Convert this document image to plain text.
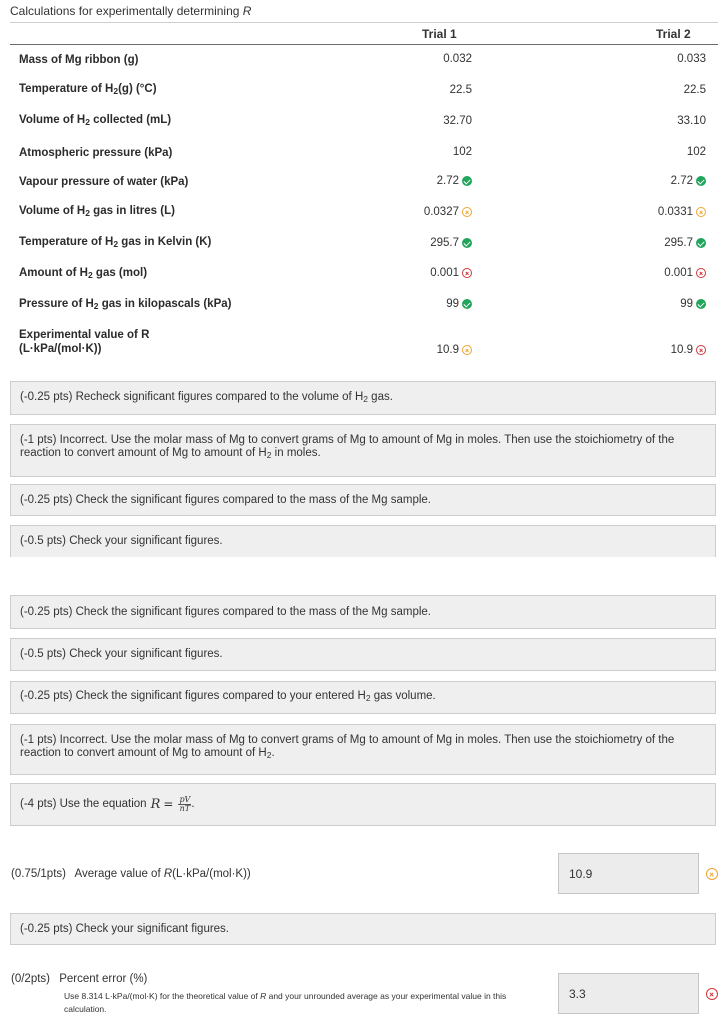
Calculations for experimentally determining R
Trial 1	Trial 2
Mass of Mg ribbon (g)	0.032	0.033
Temperature of $H_2(g)$ (°C)	22.5	22.5
Volume of $H_2$ collected (mL)	32.70	33.10
Atmospheric pressure (kPa)	102	102
Vapour pressure of water (kPa)	2.72	2.72
Volume of $H_2$ gas in litres (L)	0.0327	0.0331
Temperature of $H_2$ gas in Kelvin (K)	295.7	295.7
Amount of $H_2$ gas (mol)	0.001	0.001
Pressure of $H_2$ gas in kilopascals (kPa)	99	99
Experimental value of R
(L·kPa/(mol·K))	10.9	10.9
(-0.25 pts) Recheck significant figures compared to the volume of $H_2$ gas.
(-1 pts) Incorrect. Use the molar mass of Mg to convert grams of Mg to amount of Mg in moles. Then use the stoichiometry of the reaction to convert amount of Mg to amount of $H_2$ in moles.
(-0.25 pts) Check the significant figures compared to the mass of the Mg sample.
(-0.5 pts) Check your significant figures.
(-0.25 pts) Check the significant figures compared to the mass of the Mg sample.
(-0.5 pts) Check your significant figures.
(-0.25 pts) Check the significant figures compared to your entered $H_2$ gas volume.
(-1 pts) Incorrect. Use the molar mass of Mg to convert grams of Mg to amount of Mg in moles. Then use the stoichiometry of the reaction to convert amount of Mg to amount of $H_2$.
(-4 pts) Use the equation $R = \frac{pV}{nT}$ .
(0.75/1pts) Average value of R(L·kPa/(mol·K))	10.9
(-0.25 pts) Check your significant figures.
(0/2pts) Percent error (%)
Use 8.314 L·kPa/(mol·K) for the theoretical value of R and your unrounded average as your experimental value in this calculation.
3.3
